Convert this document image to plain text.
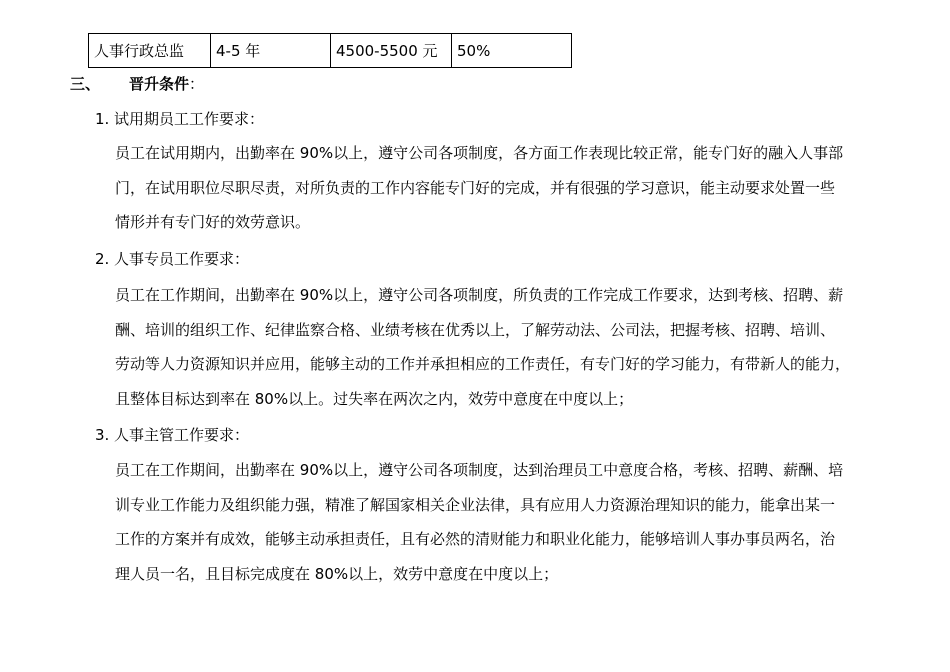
人事行政总监	4-5 年	4500-5500 元	50%
三、 晋升条件：
1. 试用期员工工作要求：
员工在试用期内，出勤率在 90%以上，遵守公司各项制度，各方面工作表现比较正常，能专门好的融入人事部
门，在试用职位尽职尽责，对所负责的工作内容能专门好的完成，并有很强的学习意识，能主动要求处置一些
情形并有专门好的效劳意识。
2. 人事专员工作要求：
员工在工作期间，出勤率在 90%以上，遵守公司各项制度，所负责的工作完成工作要求，达到考核、招聘、薪
酬、培训的组织工作、纪律监察合格、业绩考核在优秀以上，了解劳动法、公司法，把握考核、招聘、培训、
劳动等人力资源知识并应用，能够主动的工作并承担相应的工作责任，有专门好的学习能力，有带新人的能力，
且整体目标达到率在 80%以上。过失率在两次之内，效劳中意度在中度以上；
3. 人事主管工作要求：
员工在工作期间，出勤率在 90%以上，遵守公司各项制度，达到治理员工中意度合格，考核、招聘、薪酬、培
训专业工作能力及组织能力强，精准了解国家相关企业法律，具有应用人力资源治理知识的能力，能拿出某一
工作的方案并有成效，能够主动承担责任，且有必然的清财能力和职业化能力，能够培训人事办事员两名，治
理人员一名，且目标完成度在 80%以上，效劳中意度在中度以上；
